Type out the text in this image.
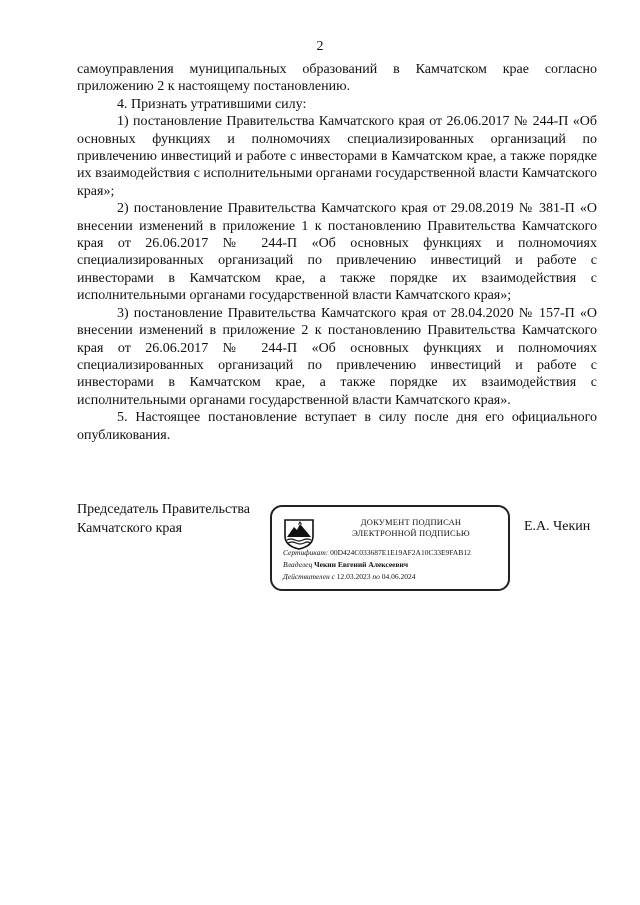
2

самоуправления муниципальных образований в Камчатском крае согласно приложению 2 к настоящему постановлению.

4. Признать утратившими силу:

1) постановление Правительства Камчатского края от 26.06.2017 № 244-П «Об основных функциях и полномочиях специализированных организаций по привлечению инвестиций и работе с инвесторами в Камчатском крае, а также порядке их взаимодействия с исполнительными органами государственной власти Камчатского края»;

2) постановление Правительства Камчатского края от 29.08.2019 № 381-П «О внесении изменений в приложение 1 к постановлению Правительства Камчатского края от 26.06.2017 № 244-П «Об основных функциях и полномочиях специализированных организаций по привлечению инвестиций и работе с инвесторами в Камчатском крае, а также порядке их взаимодействия с исполнительными органами государственной власти Камчатского края»;

3) постановление Правительства Камчатского края от 28.04.2020 № 157-П «О внесении изменений в приложение 2 к постановлению Правительства Камчатского края от 26.06.2017 № 244-П «Об основных функциях и полномочиях специализированных организаций по привлечению инвестиций и работе с инвесторами в Камчатском крае, а также порядке их взаимодействия с исполнительными органами государственной власти Камчатского края».

5. Настоящее постановление вступает в силу после дня его официального опубликования.

Председатель Правительства
Камчатского края	ДОКУМЕНТ ПОДПИСАН
ЭЛЕКТРОННОЙ ПОДПИСЬЮ
Сертификат: 00D424C033687E1E19AF2A10C33E9FAB12
Владелец Чекин Евгений Алексеевич
Действителен с 12.03.2023 по 04.06.2024
Е.А. Чекин
